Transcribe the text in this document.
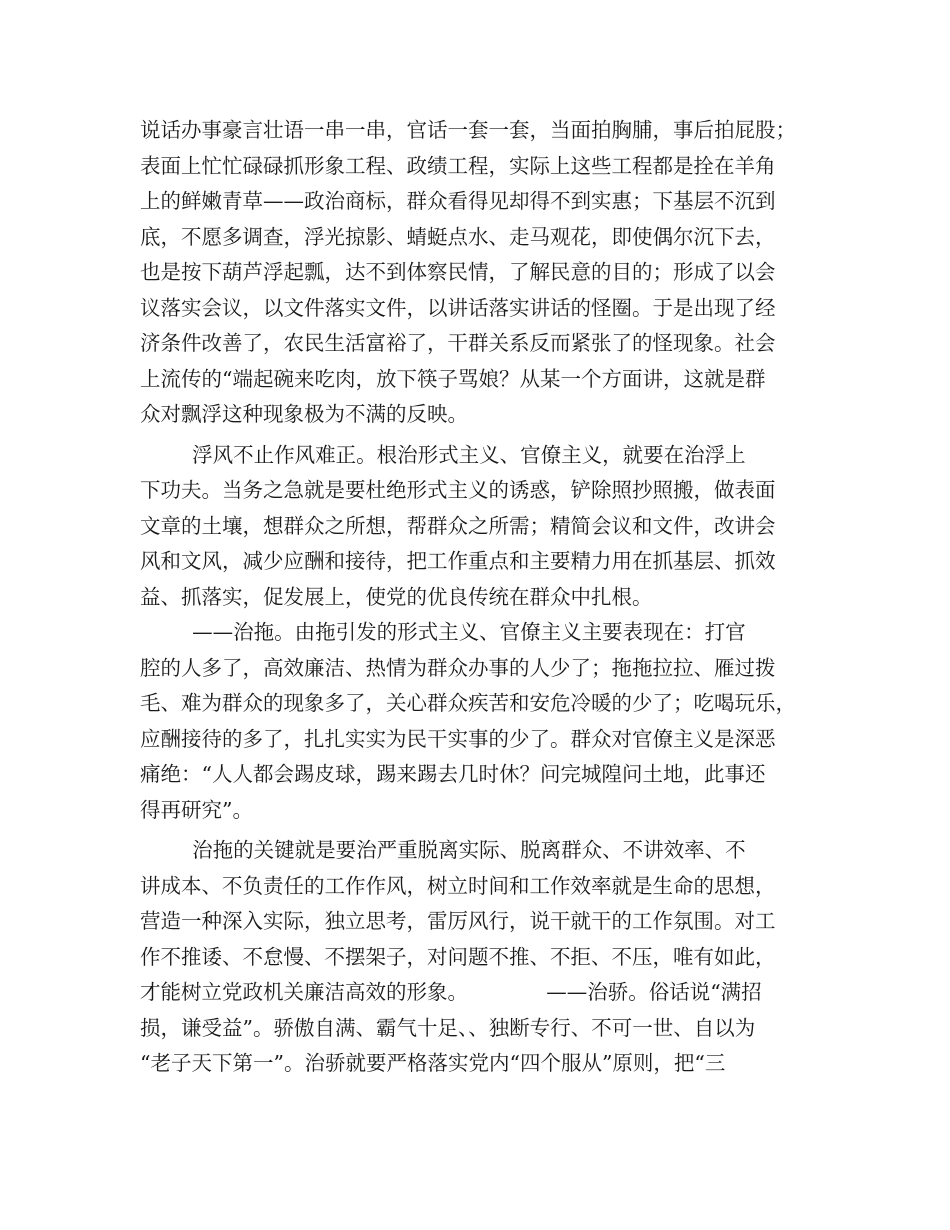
说话办事豪言壮语一串一串，官话一套一套，当面拍胸脯，事后拍屁股；
表面上忙忙碌碌抓形象工程、政绩工程，实际上这些工程都是拴在羊角
上的鲜嫩青草——政治商标，群众看得见却得不到实惠；下基层不沉到
底，不愿多调查，浮光掠影、蜻蜓点水、走马观花，即使偶尔沉下去，
也是按下葫芦浮起瓢，达不到体察民情，了解民意的目的；形成了以会
议落实会议，以文件落实文件，以讲话落实讲话的怪圈。于是出现了经
济条件改善了，农民生活富裕了，干群关系反而紧张了的怪现象。社会
上流传的“端起碗来吃肉，放下筷子骂娘？从某一个方面讲，这就是群
众对飘浮这种现象极为不满的反映。
浮风不止作风难正。根治形式主义、官僚主义，就要在治浮上
下功夫。当务之急就是要杜绝形式主义的诱惑，铲除照抄照搬，做表面
文章的土壤，想群众之所想，帮群众之所需；精简会议和文件，改讲会
风和文风，减少应酬和接待，把工作重点和主要精力用在抓基层、抓效
益、抓落实，促发展上，使党的优良传统在群众中扎根。
——治拖。由拖引发的形式主义、官僚主义主要表现在：打官
腔的人多了，高效廉洁、热情为群众办事的人少了；拖拖拉拉、雁过拨
毛、难为群众的现象多了，关心群众疾苦和安危冷暖的少了；吃喝玩乐，
应酬接待的多了，扎扎实实为民干实事的少了。群众对官僚主义是深恶
痛绝：“人人都会踢皮球，踢来踢去几时休？问完城隍问土地，此事还
得再研究”。
治拖的关键就是要治严重脱离实际、脱离群众、不讲效率、不
讲成本、不负责任的工作作风，树立时间和工作效率就是生命的思想，
营造一种深入实际，独立思考，雷厉风行，说干就干的工作氛围。对工
作不推诿、不怠慢、不摆架子，对问题不推、不拒、不压，唯有如此，
才能树立党政机关廉洁高效的形象。            ——治骄。俗话说“满招
损，谦受益”。骄傲自满、霸气十足、、独断专行、不可一世、自以为
“老子天下第一”。治骄就要严格落实党内“四个服从”原则，把“三
